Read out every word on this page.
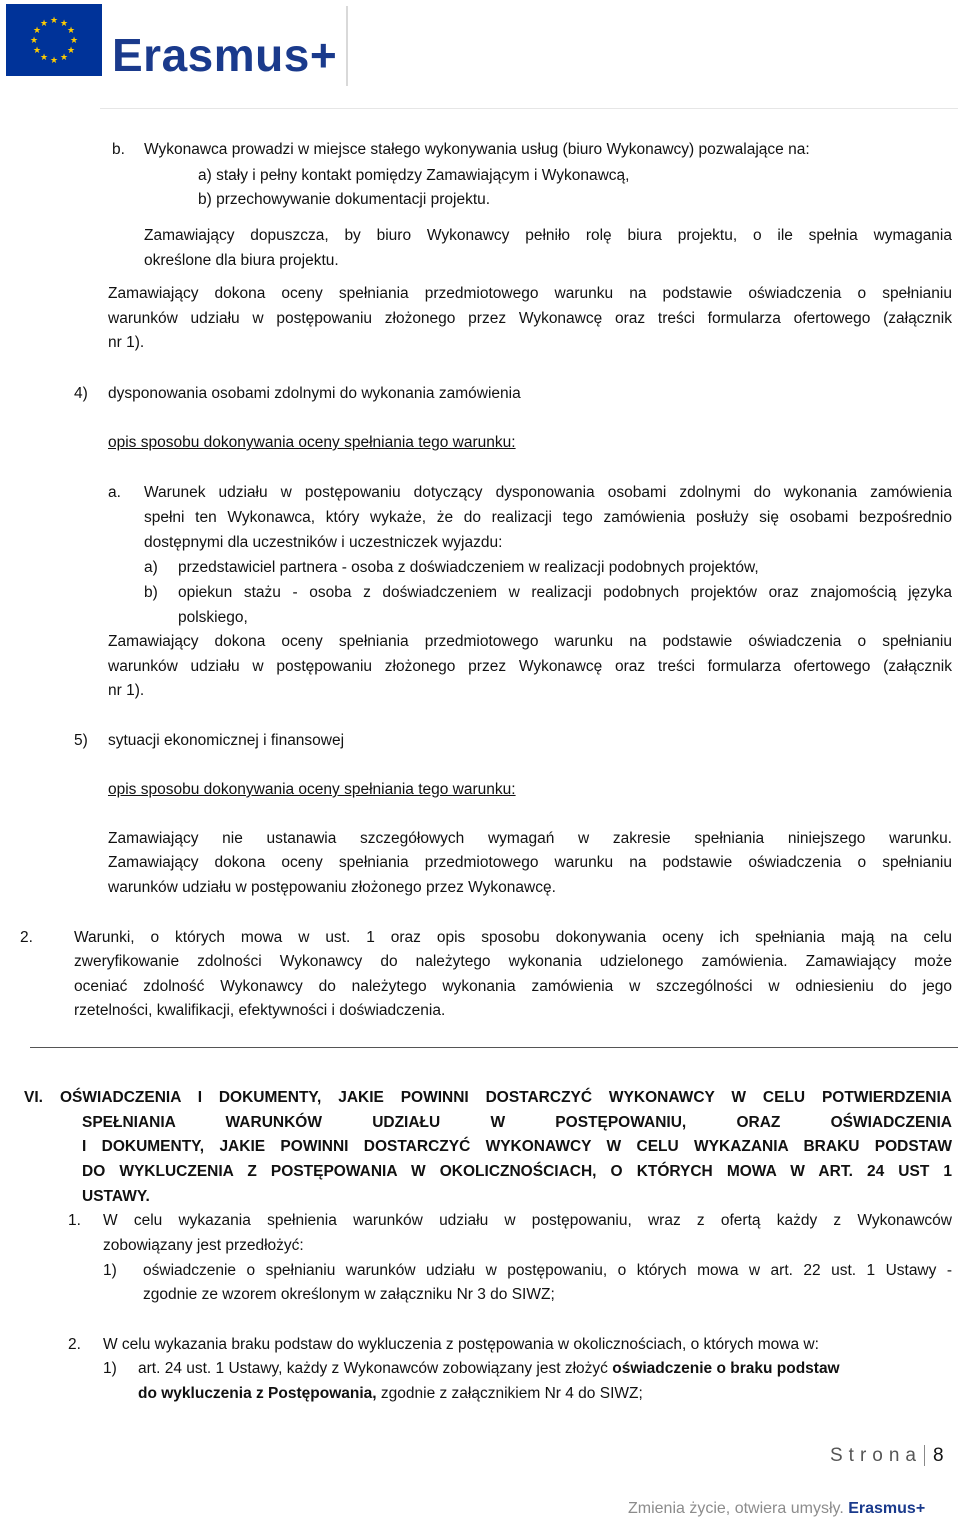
★ ★
★
★
★
★
★
★
★
★
★
★
Erasmus+
b. Wykonawca prowadzi w miejsce stałego wykonywania usług (biuro Wykonawcy) pozwalające na:
a) stały i pełny kontakt pomiędzy Zamawiającym i Wykonawcą,
b) przechowywanie dokumentacji projektu.
Zamawiający dopuszcza, by biuro Wykonawcy pełniło rolę biura projektu, o ile spełnia wymagania
określone dla biura projektu.
Zamawiający dokona oceny spełniania przedmiotowego warunku na podstawie oświadczenia o spełnianiu
warunków udziału w postępowaniu złożonego przez Wykonawcę oraz treści formularza ofertowego (załącznik
nr 1).
4) dysponowania osobami zdolnymi do wykonania zamówienia
opis sposobu dokonywania oceny spełniania tego warunku:
a. Warunek udziału w postępowaniu dotyczący dysponowania osobami zdolnymi do wykonania zamówienia
spełni ten Wykonawca, który wykaże, że do realizacji tego zamówienia posłuży się osobami bezpośrednio
dostępnymi dla uczestników i uczestniczek wyjazdu:
a) przedstawiciel partnera - osoba z doświadczeniem w realizacji podobnych projektów,
b) opiekun stażu - osoba z doświadczeniem w realizacji podobnych projektów oraz znajomością języka
polskiego,
Zamawiający dokona oceny spełniania przedmiotowego warunku na podstawie oświadczenia o spełnianiu
warunków udziału w postępowaniu złożonego przez Wykonawcę oraz treści formularza ofertowego (załącznik
nr 1).
5) sytuacji ekonomicznej i finansowej
opis sposobu dokonywania oceny spełniania tego warunku:
Zamawiający nie ustanawia szczegółowych wymagań w zakresie spełniania niniejszego warunku.
Zamawiający dokona oceny spełniania przedmiotowego warunku na podstawie oświadczenia o spełnianiu
warunków udziału w postępowaniu złożonego przez Wykonawcę.
2.	Warunki, o których mowa w ust. 1 oraz opis sposobu dokonywania oceny ich spełniania mają na celu
zweryfikowanie zdolności Wykonawcy do należytego wykonania udzielonego zamówienia. Zamawiający może
oceniać zdolność Wykonawcy do należytego wykonania zamówienia w szczególności w odniesieniu do jego
rzetelności, kwalifikacji, efektywności i doświadczenia.
VI. OŚWIADCZENIA I DOKUMENTY, JAKIE POWINNI DOSTARCZYĆ WYKONAWCY W CELU POTWIERDZENIA
SPEŁNIANIA WARUNKÓW UDZIAŁU W POSTĘPOWANIU, ORAZ OŚWIADCZENIA
I DOKUMENTY, JAKIE POWINNI DOSTARCZYĆ WYKONAWCY W CELU WYKAZANIA BRAKU PODSTAW
DO WYKLUCZENIA Z POSTĘPOWANIA W OKOLICZNOŚCIACH, O KTÓRYCH MOWA W ART. 24 UST 1
USTAWY.
1. W celu wykazania spełnienia warunków udziału w postępowaniu, wraz z ofertą każdy z Wykonawców
zobowiązany jest przedłożyć:
1) oświadczenie o spełnianiu warunków udziału w postępowaniu, o których mowa w art. 22 ust. 1 Ustawy -
zgodnie ze wzorem określonym w załączniku Nr 3 do SIWZ;
2. W celu wykazania braku podstaw do wykluczenia z postępowania w okolicznościach, o których mowa w:
1) art. 24 ust. 1 Ustawy, każdy z Wykonawców zobowiązany jest złożyć oświadczenie o braku podstaw
do wykluczenia z Postępowania, zgodnie z załącznikiem Nr 4 do SIWZ;
Strona 8
Zmienia życie, otwiera umysły. Erasmus+
